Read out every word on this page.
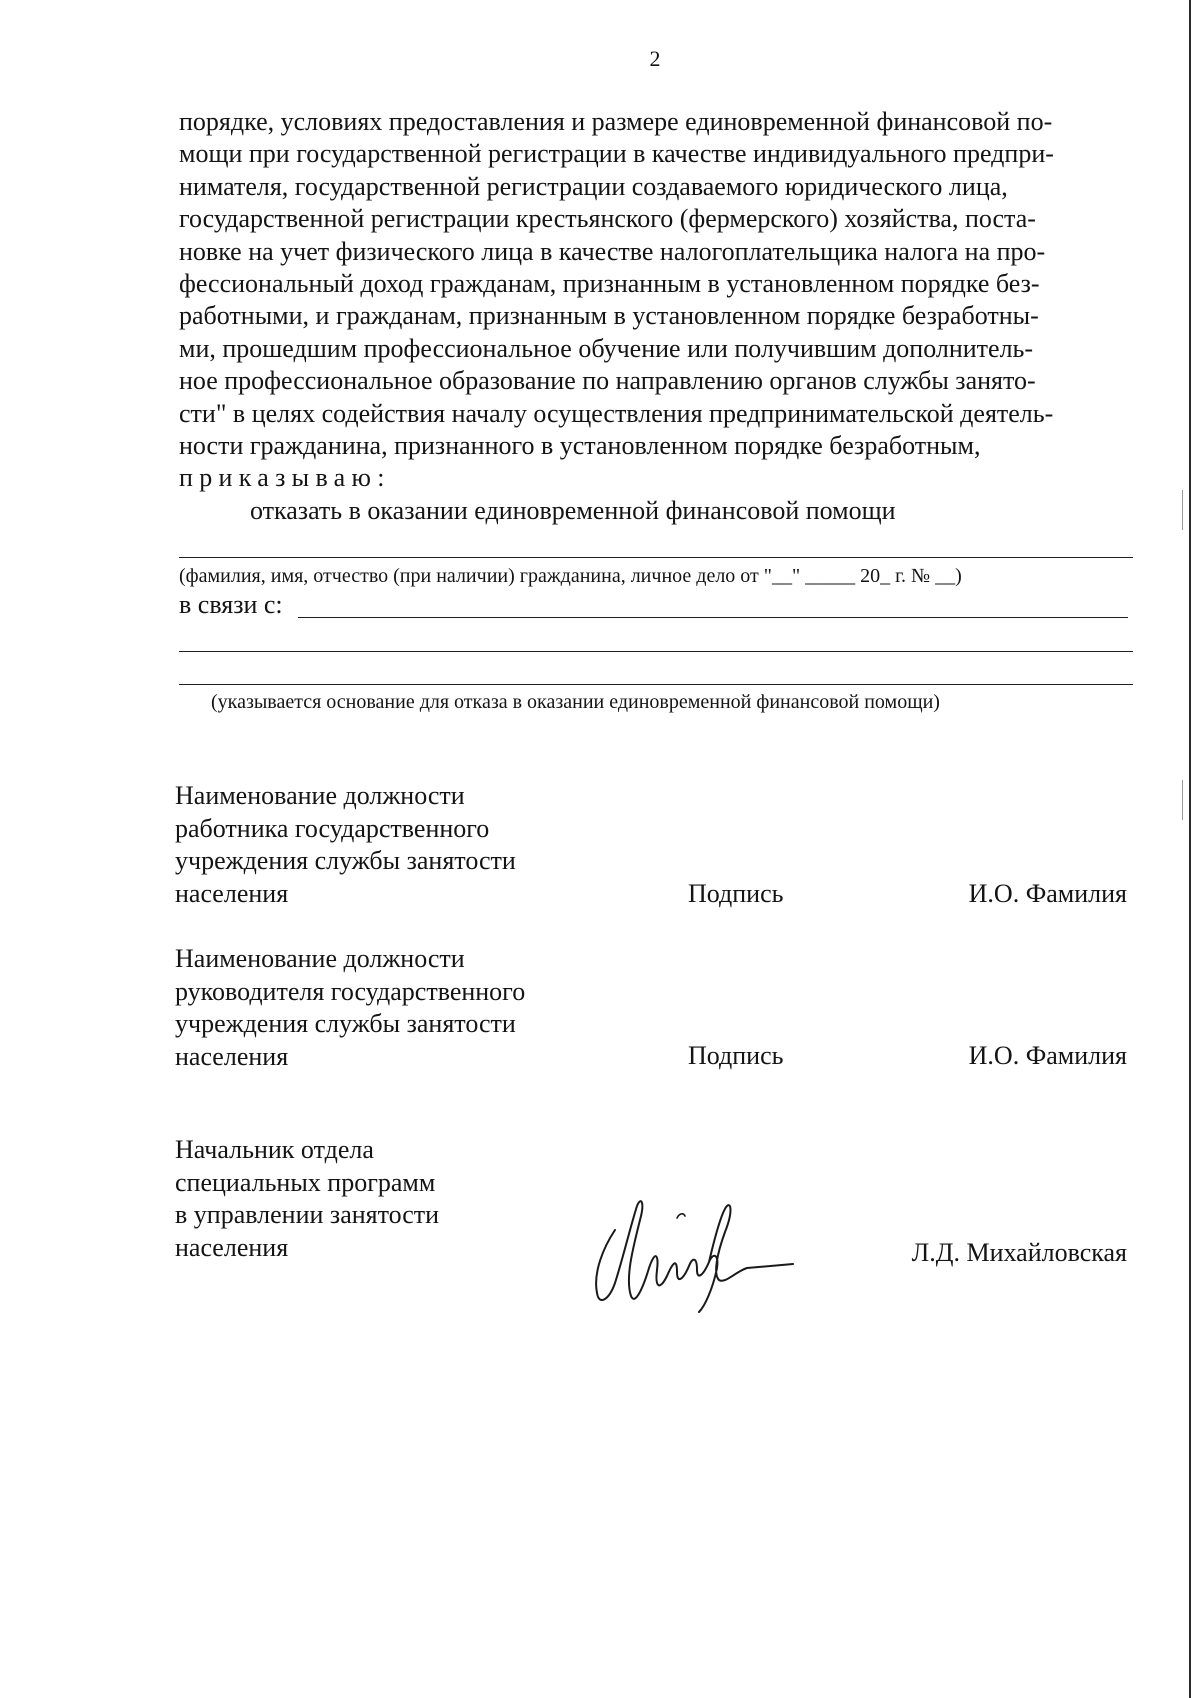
2
порядке, условиях предоставления и размере единовременной финансовой по-
мощи при государственной регистрации в качестве индивидуального предпри-
нимателя, государственной регистрации создаваемого юридического лица,
государственной регистрации крестьянского (фермерского) хозяйства, поста-
новке на учет физического лица в качестве налогоплательщика налога на про-
фессиональный доход гражданам, признанным в установленном порядке без-
работными, и гражданам, признанным в установленном порядке безработны-
ми, прошедшим профессиональное обучение или получившим дополнитель-
ное профессиональное образование по направлению органов службы занято-
сти" в целях содействия началу осуществления предпринимательской деятель-
ности гражданина, признанного в установленном порядке безработным,
приказываю:
отказать в оказании единовременной финансовой помощи
(фамилия, имя, отчество (при наличии) гражданина, личное дело от "__" _____ 20_ г. № __)
в связи с:
(указывается основание для отказа в оказании единовременной финансовой помощи)
Наименование должности
работника государственного
учреждения службы занятости
населения	Подпись	И.О. Фамилия
Наименование должности
руководителя государственного
учреждения службы занятости
населения	Подпись	И.О. Фамилия
Начальник отдела
специальных программ
в управлении занятости
населения	Л.Д. Михайловская
